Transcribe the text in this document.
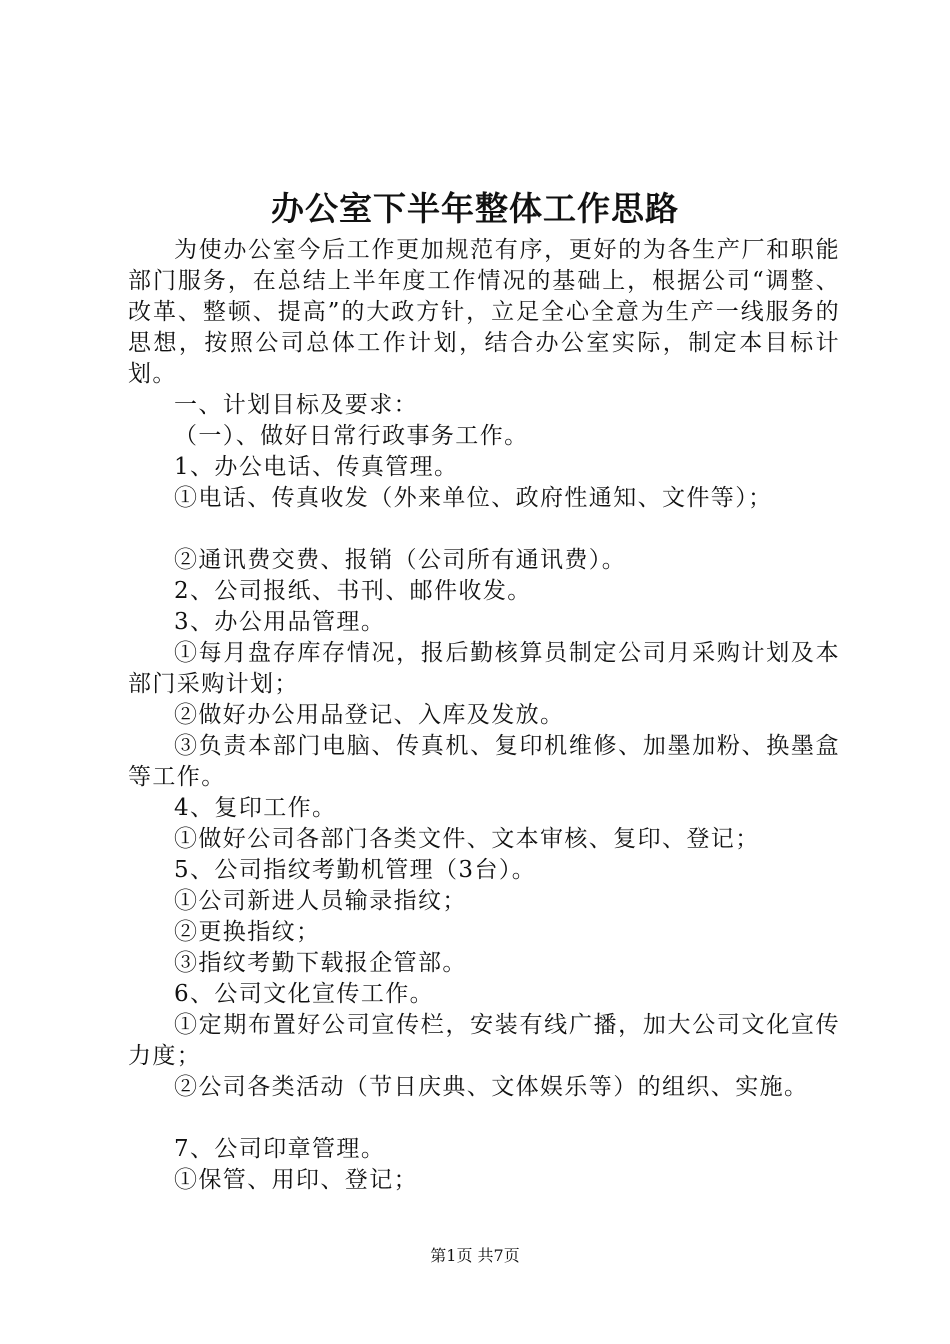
办公室下半年整体工作思路

为使办公室今后工作更加规范有序，更好的为各生产厂和职能部门服务，在总结上半年度工作情况的基础上，根据公司“调整、改革、整顿、提高”的大政方针，立足全心全意为生产一线服务的思想，按照公司总体工作计划，结合办公室实际，制定本目标计划。

一、计划目标及要求：

（一）、做好日常行政事务工作。

1、办公电话、传真管理。

①电话、传真收发（外来单位、政府性通知、文件等）；

②通讯费交费、报销（公司所有通讯费）。

2、公司报纸、书刊、邮件收发。

3、办公用品管理。

①每月盘存库存情况，报后勤核算员制定公司月采购计划及本部门采购计划；

②做好办公用品登记、入库及发放。

③负责本部门电脑、传真机、复印机维修、加墨加粉、换墨盒等工作。

4、复印工作。

①做好公司各部门各类文件、文本审核、复印、登记；

5、公司指纹考勤机管理（3台）。

①公司新进人员输录指纹；

②更换指纹；

③指纹考勤下载报企管部。

6、公司文化宣传工作。

①定期布置好公司宣传栏，安装有线广播，加大公司文化宣传力度；

②公司各类活动（节日庆典、文体娱乐等）的组织、实施。

7、公司印章管理。

①保管、用印、登记；

第1页 共7页
